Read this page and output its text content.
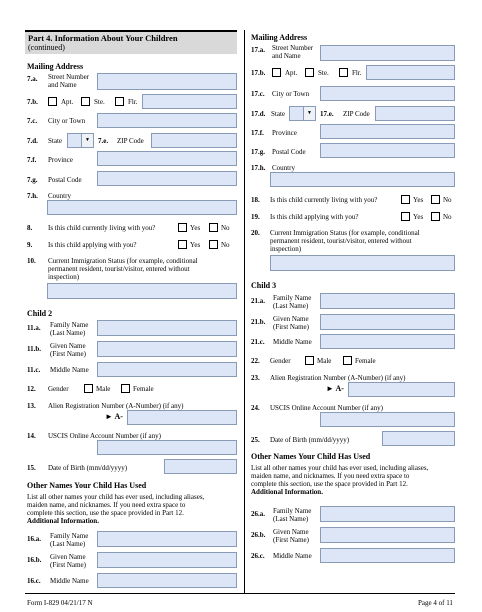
Part 4. Information About Your Children
(continued)
Mailing Address
7.a. Street Number
and Name
7.b.	Apt.	Ste.	Flr.
7.c. City or Town
7.d. State	▼ 7.e. ZIP Code
7.f. Province
7.g. Postal Code
7.h. Country
8. Is this child currently living with you?	Yes	No
9. Is this child applying with you?	Yes	No
10. Current Immigration Status (for example, conditional
permanent resident, tourist/visitor, entered without
inspection)
Child 2
11.a. Family Name
(Last Name)
11.b. Given Name
(First Name)
11.c. Middle Name
12. Gender	Male	Female
13. Alien Registration Number (A-Number) (if any)
► A-
14. USCIS Online Account Number (if any)
15. Date of Birth (mm/dd/yyyy)
Other Names Your Child Has Used
List all other names your child has ever used, including aliases,
maiden name, and nicknames. If you need extra space to
complete this section, use the space provided in Part 12.
Additional Information.
16.a. Family Name
(Last Name)
16.b. Given Name
(First Name)
16.c. Middle Name
Mailing Address
17.a. Street Number
and Name
17.b.	Apt.	Ste.	Flr.
17.c. City or Town
17.d. State	▼ 17.e. ZIP Code
17.f. Province
17.g. Postal Code
17.h. Country
18. Is this child currently living with you?	Yes	No
19. Is this child applying with you?	Yes	No
20. Current Immigration Status (for example, conditional
permanent resident, tourist/visitor, entered without
inspection)
Child 3
21.a. Family Name
(Last Name)
21.b. Given Name
(First Name)
21.c. Middle Name
22. Gender	Male	Female
23. Alien Registration Number (A-Number) (if any)
► A-
24. USCIS Online Account Number (if any)
25. Date of Birth (mm/dd/yyyy)
Other Names Your Child Has Used
List all other names your child has ever used, including aliases,
maiden name, and nicknames. If you need extra space to
complete this section, use the space provided in Part 12.
Additional Information.
26.a. Family Name
(Last Name)
26.b. Given Name
(First Name)
26.c. Middle Name
Form I-829 04/21/17 N	Page 4 of 11
